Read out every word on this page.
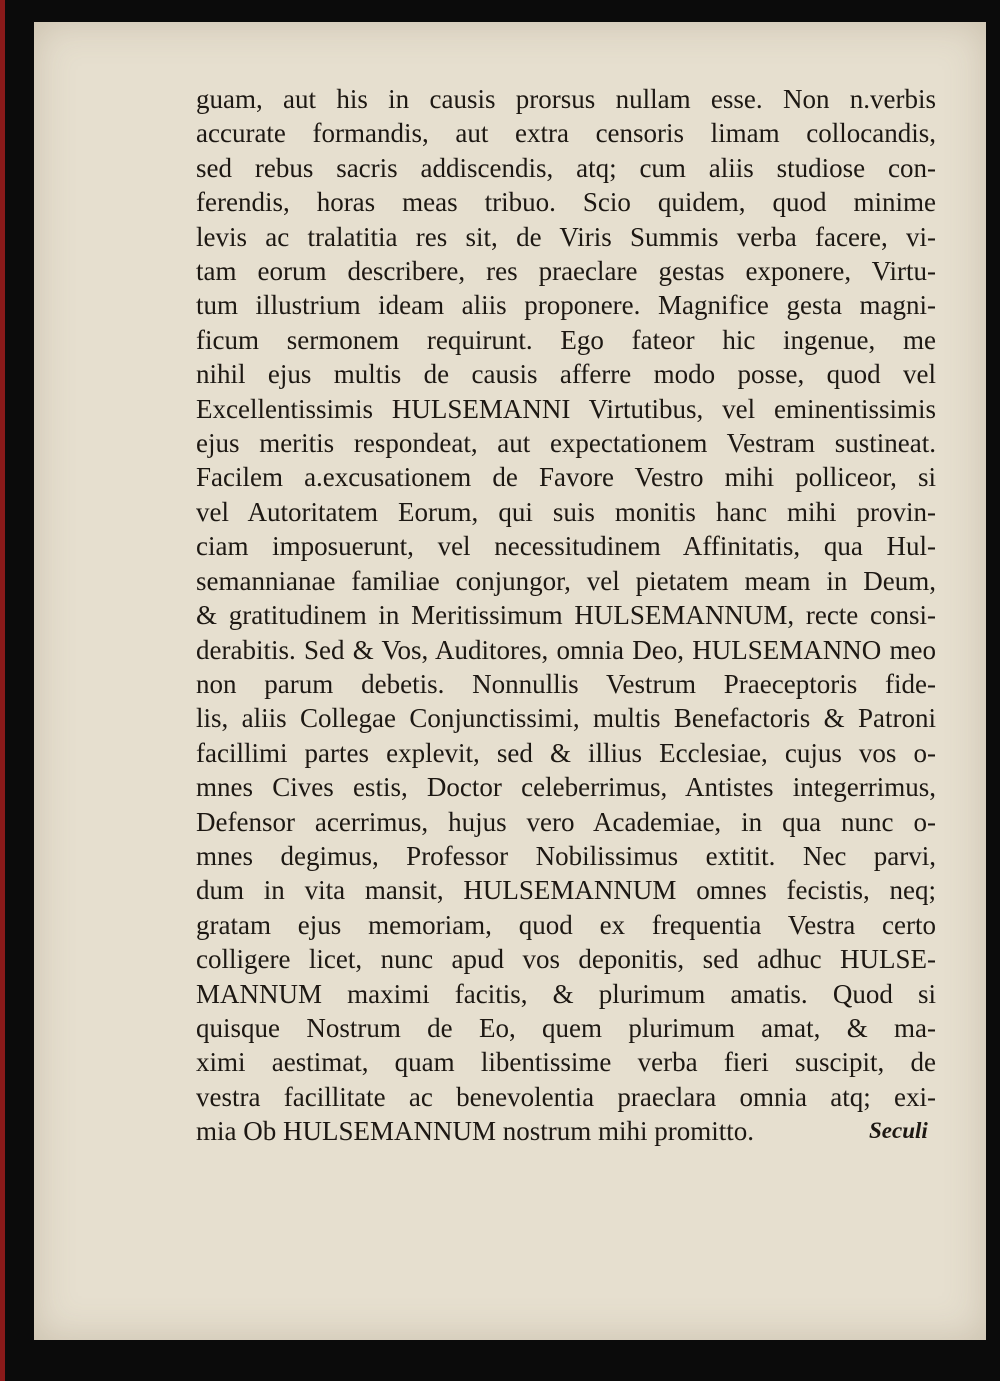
guam, aut his in causis prorsus nullam esse. Non n.verbis
accurate formandis, aut extra censoris limam collocandis,
sed rebus sacris addiscendis, atq; cum aliis studiose con-
ferendis, horas meas tribuo. Scio quidem, quod minime
levis ac tralatitia res sit, de Viris Summis verba facere, vi-
tam eorum describere, res praeclare gestas exponere, Virtu-
tum illustrium ideam aliis proponere. Magnifice gesta magni-
ficum sermonem requirunt. Ego fateor hic ingenue, me
nihil ejus multis de causis afferre modo posse, quod vel
Excellentissimis HULSEMANNI Virtutibus, vel eminentissimis
ejus meritis respondeat, aut expectationem Vestram sustineat.
Facilem a.excusationem de Favore Vestro mihi polliceor, si
vel Autoritatem Eorum, qui suis monitis hanc mihi provin-
ciam imposuerunt, vel necessitudinem Affinitatis, qua Hul-
semannianae familiae conjungor, vel pietatem meam in Deum,
& gratitudinem in Meritissimum HULSEMANNUM, recte consi-
derabitis. Sed & Vos, Auditores, omnia Deo, HULSEMANNO meo
non parum debetis. Nonnullis Vestrum Praeceptoris fide-
lis, aliis Collegae Conjunctissimi, multis Benefactoris & Patroni
facillimi partes explevit, sed & illius Ecclesiae, cujus vos o-
mnes Cives estis, Doctor celeberrimus, Antistes integerrimus,
Defensor acerrimus, hujus vero Academiae, in qua nunc o-
mnes degimus, Professor Nobilissimus extitit. Nec parvi,
dum in vita mansit, HULSEMANNUM omnes fecistis, neq;
gratam ejus memoriam, quod ex frequentia Vestra certo
colligere licet, nunc apud vos deponitis, sed adhuc HULSE-
MANNUM maximi facitis, & plurimum amatis. Quod si
quisque Nostrum de Eo, quem plurimum amat, & ma-
ximi aestimat, quam libentissime verba fieri suscipit, de
vestra facillitate ac benevolentia praeclara omnia atq; exi-
mia Ob HULSEMANNUM nostrum mihi promitto.	Seculi
